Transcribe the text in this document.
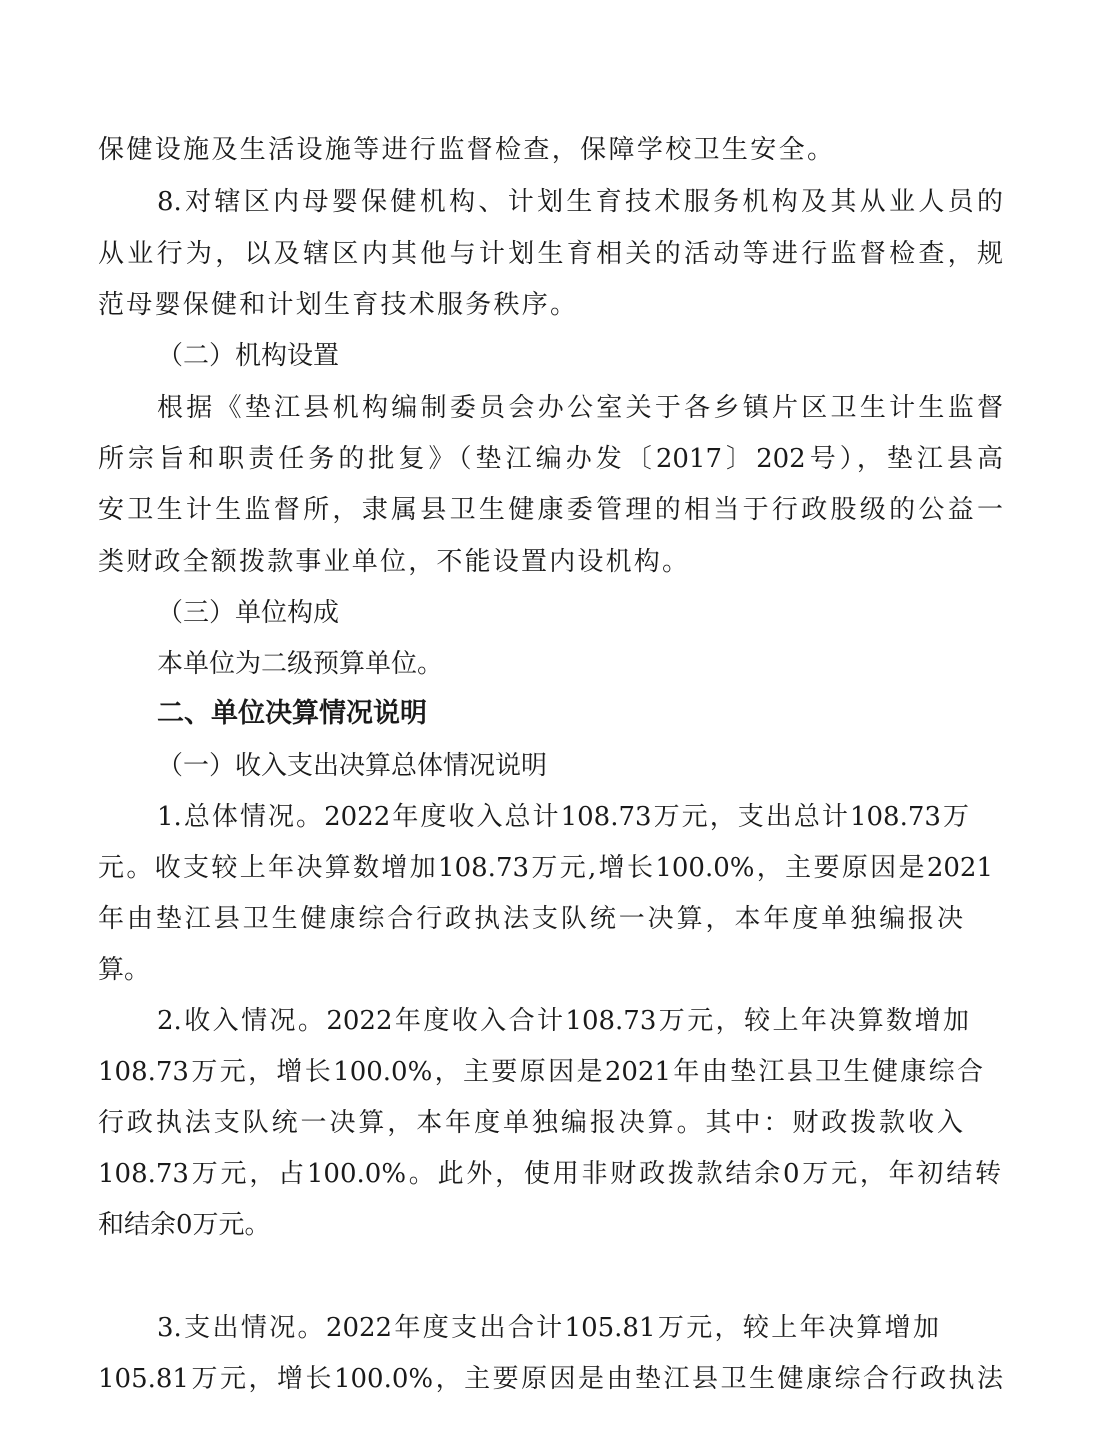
保健设施及生活设施等进行监督检查，保障学校卫生安全。
8.对辖区内母婴保健机构、计划生育技术服务机构及其从业人员的
从业行为，以及辖区内其他与计划生育相关的活动等进行监督检查，规
范母婴保健和计划生育技术服务秩序。
（二）机构设置
根据《垫江县机构编制委员会办公室关于各乡镇片区卫生计生监督
所宗旨和职责任务的批复》（垫江编办发〔2017〕202号），垫江县高
安卫生计生监督所，隶属县卫生健康委管理的相当于行政股级的公益一
类财政全额拨款事业单位，不能设置内设机构。
（三）单位构成
本单位为二级预算单位。
二、单位决算情况说明
（一）收入支出决算总体情况说明
1.总体情况。2022年度收入总计108.73万元，支出总计108.73万
元。收支较上年决算数增加108.73万元,增长100.0%，主要原因是2021
年由垫江县卫生健康综合行政执法支队统一决算，本年度单独编报决
算。
2.收入情况。2022年度收入合计108.73万元，较上年决算数增加
108.73万元，增长100.0%，主要原因是2021年由垫江县卫生健康综合
行政执法支队统一决算，本年度单独编报决算。其中：财政拨款收入
108.73万元，占100.0%。此外，使用非财政拨款结余0万元，年初结转
和结余0万元。
3.支出情况。2022年度支出合计105.81万元，较上年决算增加
105.81万元，增长100.0%，主要原因是由垫江县卫生健康综合行政执法
